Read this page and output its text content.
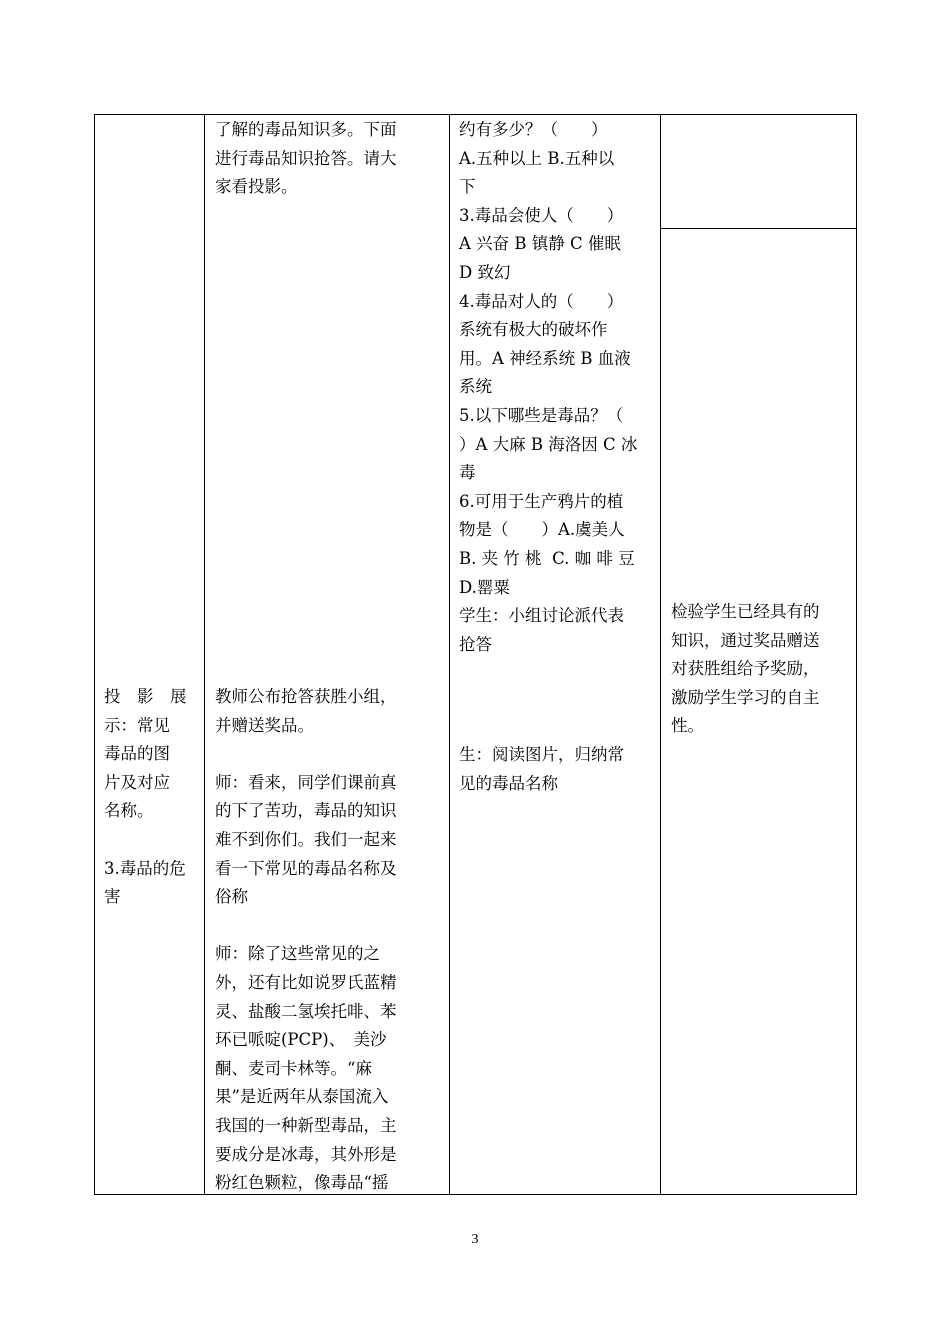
投　影　展

示：常见

毒品的图

片及对应

名称。

3.毒品的危

害

了解的毒品知识多。下面

进行毒品知识抢答。请大

家看投影。

教师公布抢答获胜小组，

并赠送奖品。

师：看来，同学们课前真

的下了苦功，毒品的知识

难不到你们。我们一起来

看一下常见的毒品名称及

俗称

师：除了这些常见的之

外，还有比如说罗氏蓝精

灵、盐酸二氢埃托啡、苯

环已哌啶(PCP)、　美沙

酮、麦司卡林等。“麻

果”是近两年从泰国流入

我国的一种新型毒品，主

要成分是冰毒，其外形是

粉红色颗粒，像毒品“摇

约有多少？（　　）

A.五种以上 B.五种以

下

3.毒品会使人（　　）

A 兴奋 B 镇静 C 催眠

D 致幻

4.毒品对人的（　　）

系统有极大的破坏作

用。A 神经系统 B 血液

系统

5.以下哪些是毒品？（

）A 大麻 B 海洛因 C 冰

毒

6.可用于生产鸦片的植

物是（　　）A.虞美人

B. 夹 竹 桃  C. 咖 啡 豆

D.罂粟

学生：小组讨论派代表

抢答

生：阅读图片，归纳常

见的毒品名称

检验学生已经具有的

知识，通过奖品赠送

对获胜组给予奖励，

激励学生学习的自主

性。

3
